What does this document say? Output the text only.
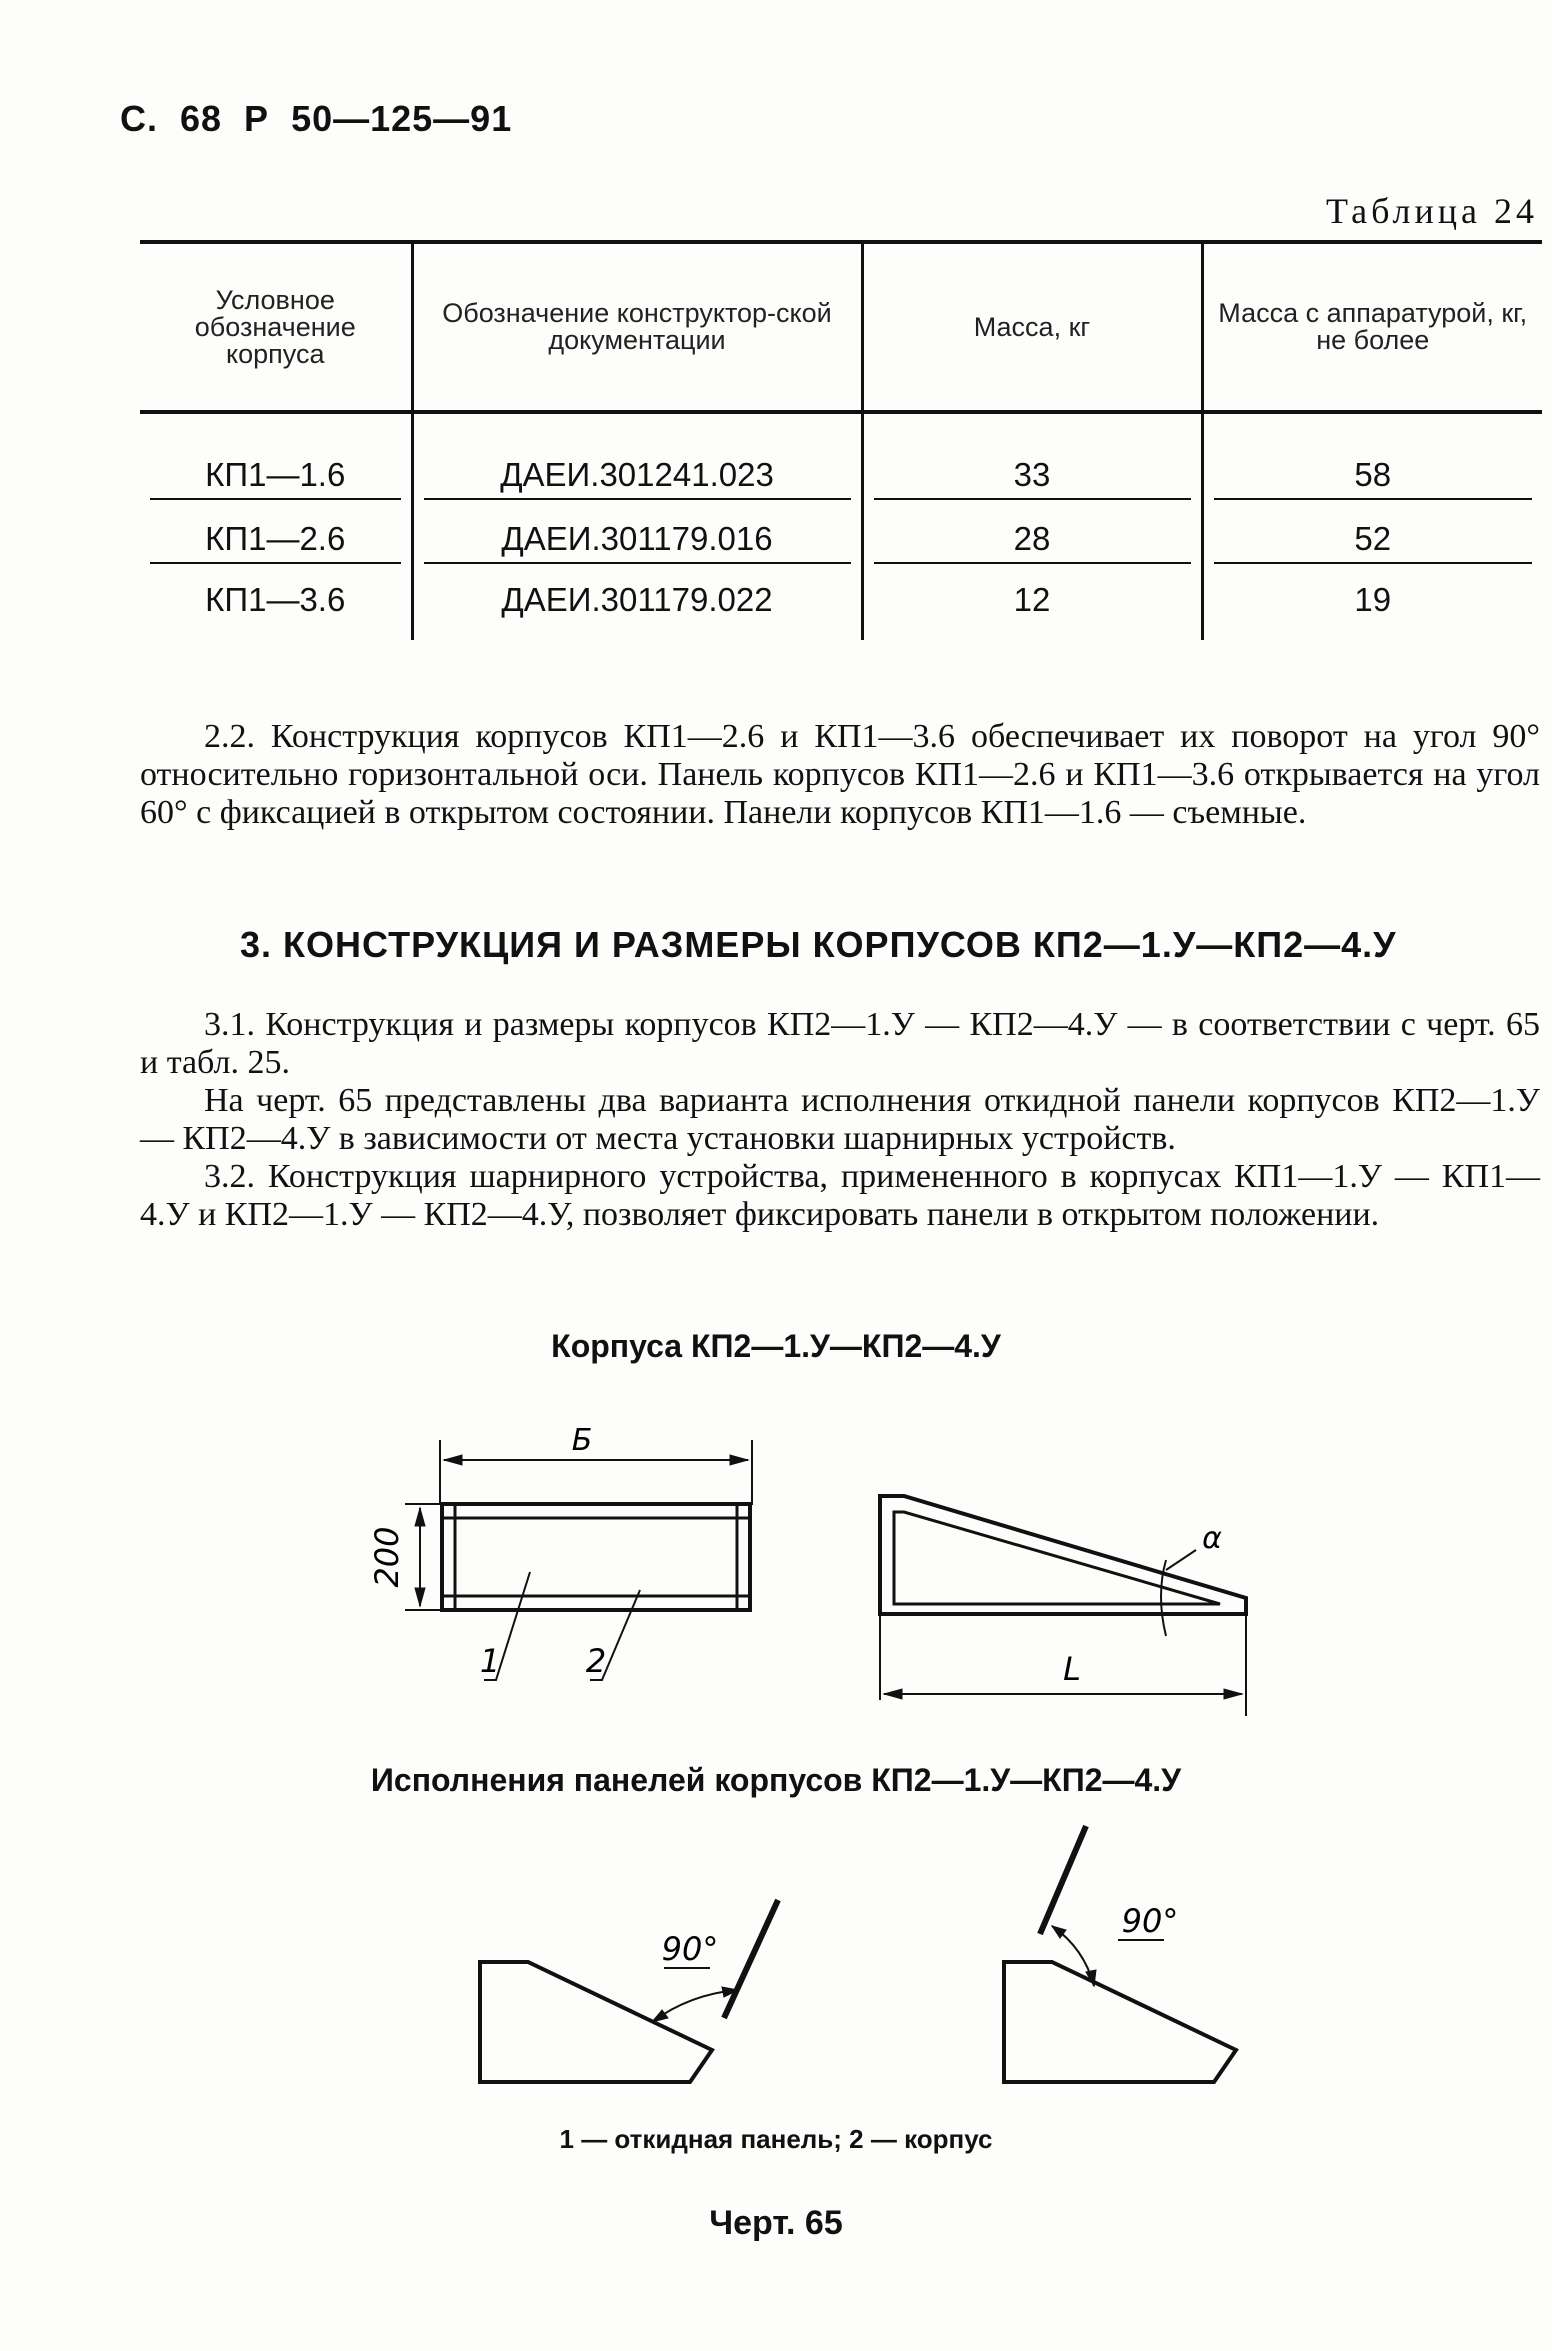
С.  68  Р  50—125—91
Таблица 24
Условное обозначение корпуса	Обозначение конструктор-ской документации	Масса, кг	Масса с аппаратурой, кг, не более

КП1—1.6	ДАЕИ.301241.023	33	58

КП1—2.6	ДАЕИ.301179.016	28	52

КП1—3.6	ДАЕИ.301179.022	12	19

2.2. Конструкция корпусов КП1—2.6 и КП1—3.6 обеспечивает их поворот на угол 90° относительно горизонтальной оси. Панель корпусов КП1—2.6 и КП1—3.6 открывается на угол 60° с фиксацией в открытом состоянии. Панели корпусов КП1—1.6 — съемные.

3. КОНСТРУКЦИЯ И РАЗМЕРЫ КОРПУСОВ КП2—1.У—КП2—4.У

3.1. Конструкция и размеры корпусов КП2—1.У — КП2—4.У — в соответствии с черт. 65 и табл. 25.

На черт. 65 представлены два варианта исполнения откидной панели корпусов КП2—1.У — КП2—4.У в зависимости от места установки шарнирных устройств.

3.2. Конструкция шарнирного устройства, примененного в корпусах КП1—1.У — КП1—4.У и КП2—1.У — КП2—4.У, позволяет фиксировать панели в открытом положении.

Корпуса КП2—1.У—КП2—4.У
Б
200
1	2
α
L
90°
90°
Исполнения панелей корпусов КП2—1.У—КП2—4.У
1 — откидная панель; 2 — корпус
Черт. 65
